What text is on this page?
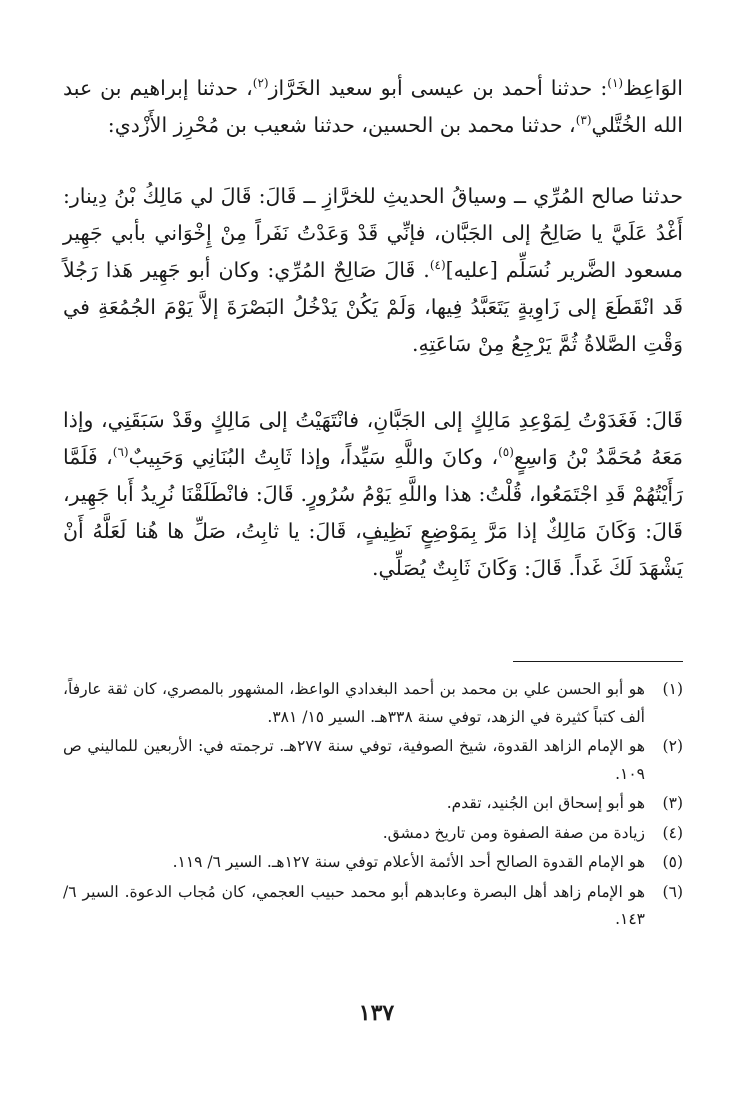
الوَاعِظ$^{(١)}$: حدثنا أحمد بن عيسى أبو سعيد الخَرَّاز$^{(٢)}$، حدثنا إبراهيم بن عبد الله الخُتَّلي$^{(٣)}$، حدثنا محمد بن الحسين، حدثنا شعيب بن مُحْرِز الأَزْدي:

حدثنا صالح المُرِّي ــ وسياقُ الحديثِ للخرَّازِ ــ قَالَ: قَالَ لي مَالِكُ بْنُ دِينار: أَغْدُ عَلَيَّ يا صَالِحُ إلى الجَبَّان، فإنِّي قَدْ وَعَدْتُ نَفَراً مِنْ إِخْوَاني بأبي جَهِير مسعود الضَّرير نُسَلِّم [عليه]$^{(٤)}$. قَالَ صَالِحٌ المُرِّي: وكان أبو جَهِير هَذا رَجُلاً قَد انْقَطَعَ إلى زَاوِيةٍ يَتَعَبَّدُ فِيها، وَلَمْ يَكُنْ يَدْخُلُ البَصْرَةَ إلاَّ يَوْمَ الجُمُعَةِ في وَقْتِ الصَّلاةُ ثُمَّ يَرْجِعُ مِنْ سَاعَتِهِ.

قَالَ: فَغَدَوْتُ لِمَوْعِدِ مَالِكٍ إلى الجَبَّانِ، فانْتَهَيْتُ إلى مَالِكٍ وقَدْ سَبَقَنِي، وإذا مَعَهُ مُحَمَّدُ بْنُ وَاسِعٍ$^{(٥)}$، وكانَ واللَّهِ سَيِّداً، وإذا ثَابِتُ البُنَانِي وَحَبِيبٌ$^{(٦)}$، فَلَمَّا رَأَيْتُهُمْ قَدِ اجْتَمَعُوا، قُلْتُ: هذا واللَّهِ يَوْمُ سُرُورٍ. قَالَ: فانْطَلَقْنَا نُرِيدُ أَبا جَهِير، قَالَ: وَكَانَ مَالِكٌ إذا مَرَّ بِمَوْضِعٍ نَظِيفٍ، قَالَ: يا ثابِتُ، صَلِّ ها هُنا لَعَلَّهُ أَنْ يَشْهَدَ لَكَ غَداً. قَالَ: وَكَانَ ثَابِتٌ يُصَلِّي.

(١)
هو أبو الحسن علي بن محمد بن أحمد البغدادي الواعظ، المشهور بالمصري، كان ثقة عارفاً، ألف كتباً كثيرة في الزهد، توفي سنة ٣٣٨هـ. السير ١٥/ ٣٨١.
(٢)
هو الإمام الزاهد القدوة، شيخ الصوفية، توفي سنة ٢٧٧هـ. ترجمته في: الأربعين للماليني ص ١٠٩.
(٣)
هو أبو إسحاق ابن الجُنيد، تقدم.
(٤)
زيادة من صفة الصفوة ومن تاريخ دمشق.
(٥)
هو الإمام القدوة الصالح أحد الأئمة الأعلام توفي سنة ١٢٧هـ. السير ٦/ ١١٩.
(٦)
هو الإمام زاهد أهل البصرة وعابدهم أبو محمد حبيب العجمي، كان مُجاب الدعوة. السير ٦/ ١٤٣.
١٣٧
